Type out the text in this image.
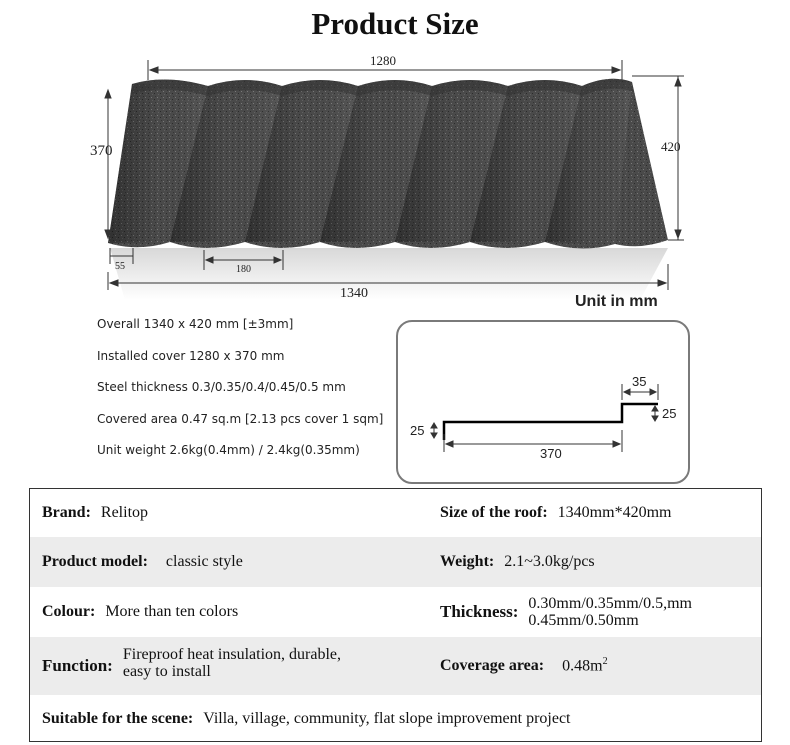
Product Size
1280
370	420
55	180
1340	Unit in mm
Overall 1340 x 420 mm [±3mm]
Installed cover 1280 x 370 mm
Steel thickness 0.3/0.35/0.4/0.45/0.5 mm
Covered area 0.47 sq.m [2.13 pcs cover 1 sqm]
Unit weight 2.6kg(0.4mm) / 2.4kg(0.35mm)
35
25
25
370
Brand: Relitop	Size of the roof: 1340mm*420mm
Product model: classic style	Weight: 2.1~3.0kg/pcs
Colour: More than ten colors	Thickness: 0.30mm/0.35mm/0.5,mm
0.45mm/0.50mm
Function:
Fireproof heat insulation, durable,
easy to install	Coverage area: $0.48m^2$
Suitable for the scene: Villa, village, community, flat slope improvement project
